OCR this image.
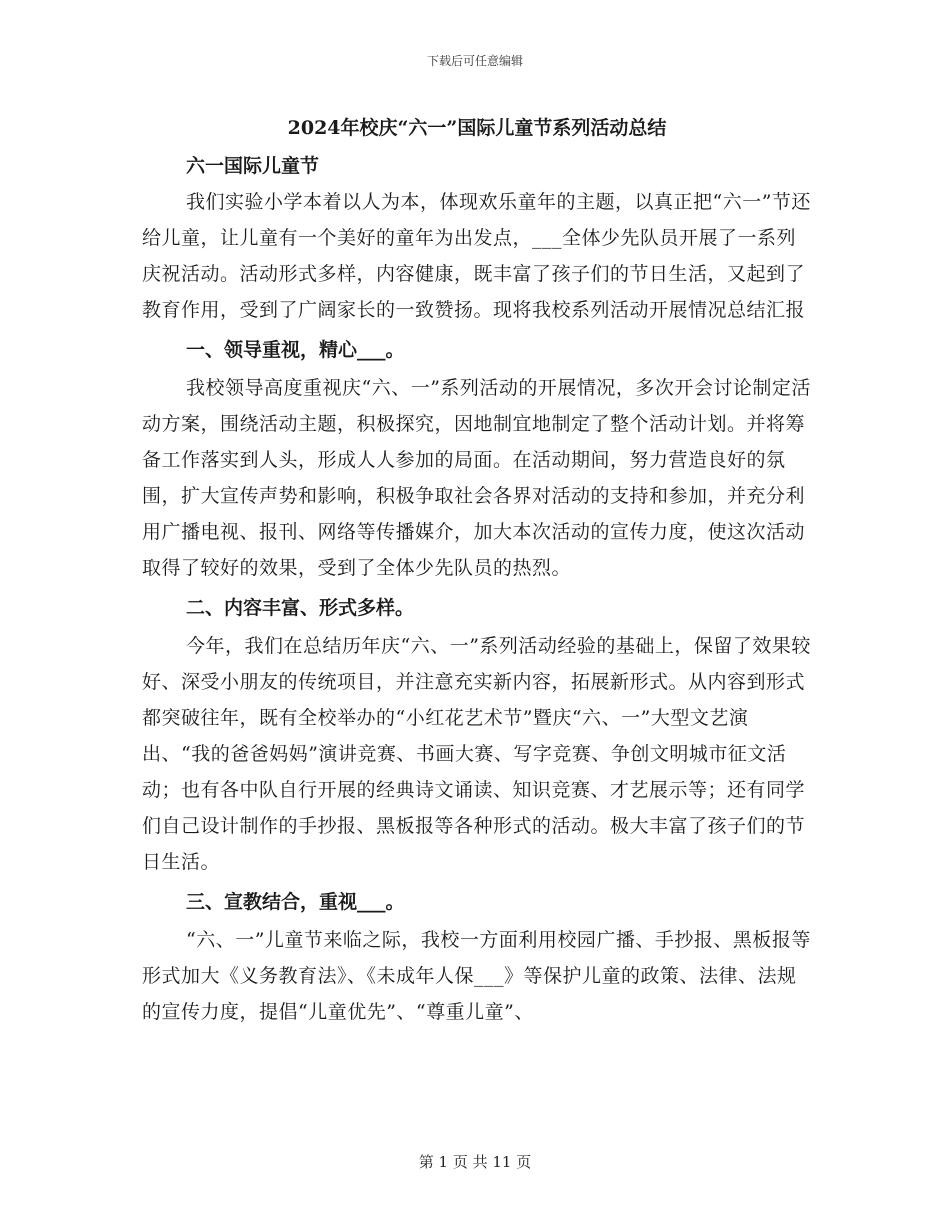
下载后可任意编辑
2024年校庆“六一”国际儿童节系列活动总结
六一国际儿童节

我们实验小学本着以人为本，体现欢乐童年的主题，以真正把“六一”节还给儿童，让儿童有一个美好的童年为出发点，___全体少先队员开展了一系列庆祝活动。活动形式多样，内容健康，既丰富了孩子们的节日生活，又起到了教育作用，受到了广阔家长的一致赞扬。现将我校系列活动开展情况总结汇报

一、领导重视，精心___。

我校领导高度重视庆“六、一”系列活动的开展情况，多次开会讨论制定活动方案，围绕活动主题，积极探究，因地制宜地制定了整个活动计划。并将筹备工作落实到人头，形成人人参加的局面。在活动期间，努力营造良好的氛围，扩大宣传声势和影响，积极争取社会各界对活动的支持和参加，并充分利用广播电视、报刊、网络等传播媒介，加大本次活动的宣传力度，使这次活动取得了较好的效果，受到了全体少先队员的热烈。

二、内容丰富、形式多样。

今年，我们在总结历年庆“六、一”系列活动经验的基础上，保留了效果较好、深受小朋友的传统项目，并注意充实新内容，拓展新形式。从内容到形式都突破往年，既有全校举办的“小红花艺术节”暨庆“六、一”大型文艺演出、“我的爸爸妈妈”演讲竞赛、书画大赛、写字竞赛、争创文明城市征文活动；也有各中队自行开展的经典诗文诵读、知识竞赛、才艺展示等；还有同学们自己设计制作的手抄报、黑板报等各种形式的活动。极大丰富了孩子们的节日生活。

三、宣教结合，重视___。

“六、一”儿童节来临之际，我校一方面利用校园广播、手抄报、黑板报等形式加大《义务教育法》、《未成年人保___》等保护儿童的政策、法律、法规的宣传力度，提倡“儿童优先”、“尊重儿童”、

第 1 页 共 11 页
